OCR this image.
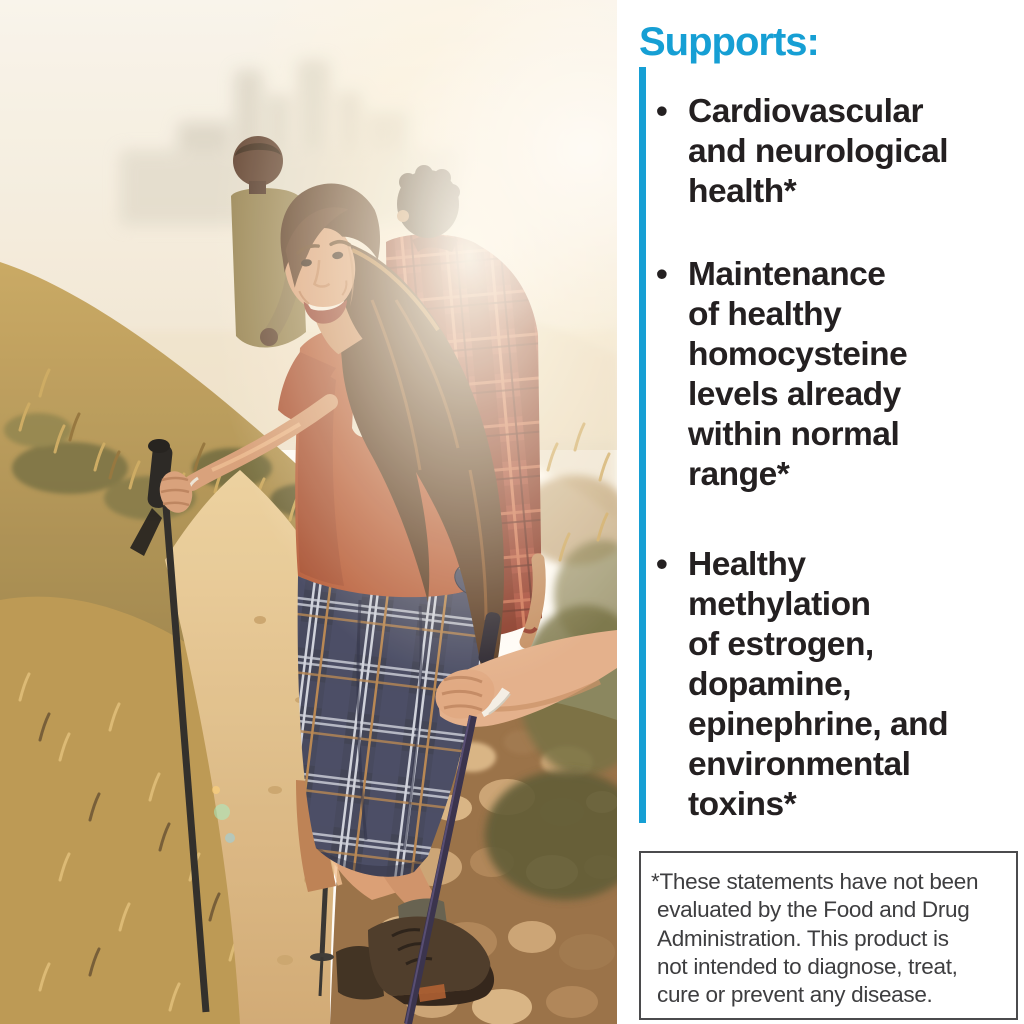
Supports:
• Cardiovascular
and neurological
health*
• Maintenance
of healthy
homocysteine
levels already
within normal
range*
• Healthy
methylation
of estrogen,
dopamine,
epinephrine, and
environmental
toxins*
*These statements have not been
evaluated by the Food and Drug
Administration. This product is
not intended to diagnose, treat,
cure or prevent any disease.
